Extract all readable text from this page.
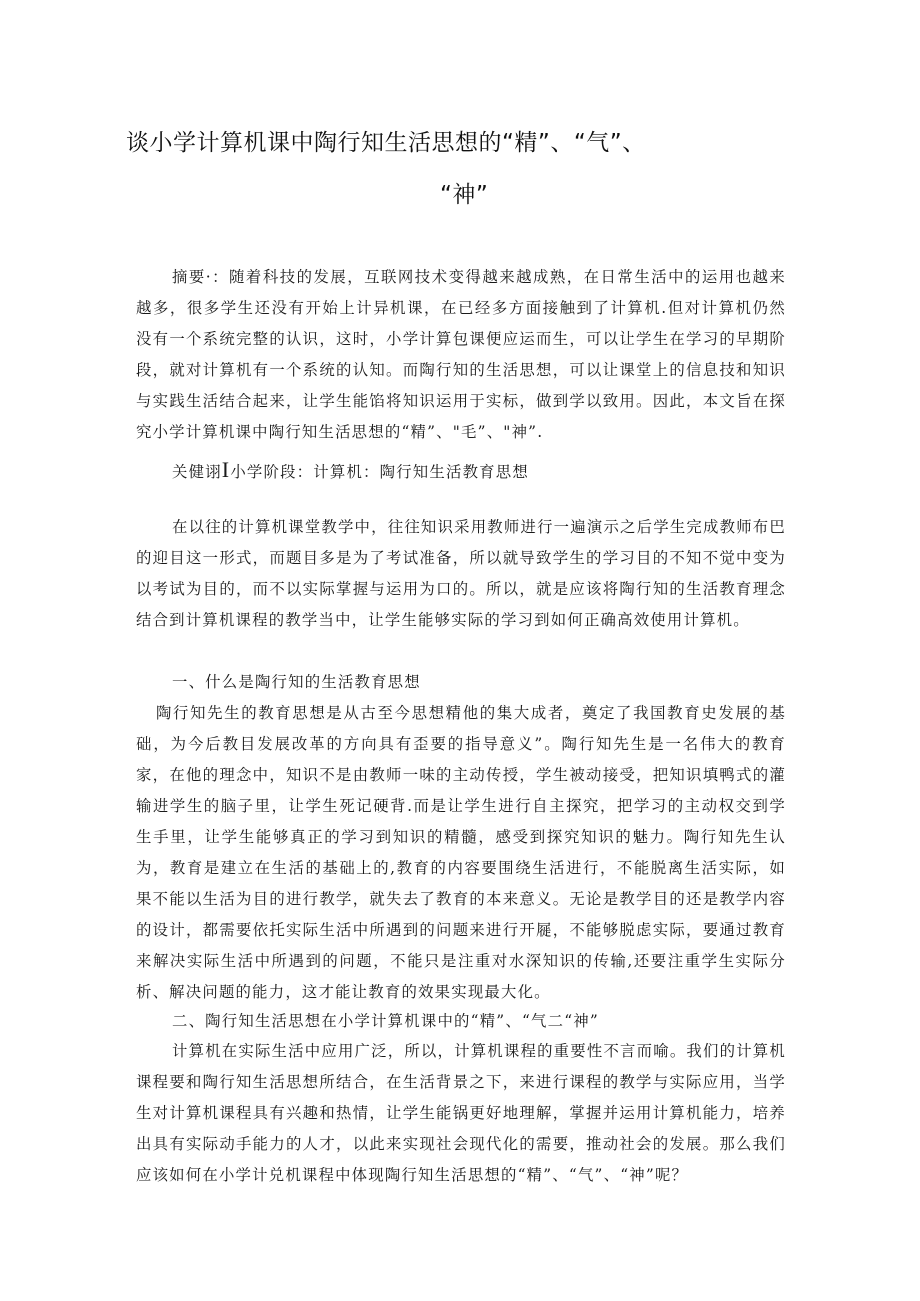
谈小学计算机课中陶行知生活思想的“精”、“气”、
“神”
摘要·：随着科技的发展，互联网技术变得越来越成熟，在日常生活中的运用也越来越多，很多学生还没有开始上计异机课，在已经多方面接触到了计算机.但对计算机仍然没有一个系统完整的认识，这时，小学计算包课便应运而生，可以让学生在学习的早期阶段，就对计算机有一个系统的认知。而陶行知的生活思想，可以让课堂上的信息技和知识与实践生活结合起来，让学生能馅将知识运用于实标，做到学以致用。因此，本文旨在探究小学计算机课中陶行知生活思想的“精”、"毛”、"神”.
关健诩I小学阶段：计算机：陶行知生活教育思想
在以往的计算机课堂教学中，往往知识采用教师进行一遍演示之后学生完成教师布巴的迎目这一形式，而题目多是为了考试准备，所以就导致学生的学习目的不知不觉中变为以考试为目的，而不以实际掌握与运用为口的。所以，就是应该将陶行知的生活教育理念结合到计算机课程的教学当中，让学生能够实际的学习到如何正确高效使用计算机。
一、什么是陶行知的生活教育思想
陶行知先生的教育思想是从古至今思想精他的集大成者，奠定了我国教育史发展的基础，为今后教目发展改革的方向具有歪要的指导意义”。陶行知先生是一名伟大的教育家，在他的理念中，知识不是由教师一味的主动传授，学生被动接受，把知识填鸭式的灌输进学生的脑子里，让学生死记硬背.而是让学生进行自主探究，把学习的主动权交到学生手里，让学生能够真正的学习到知识的精髓，感受到探究知识的魅力。陶行知先生认为，教育是建立在生活的基础上的,教育的内容要围绕生活进行，不能脱离生活实际，如果不能以生活为目的进行教学，就失去了教育的本来意义。无论是教学目的还是教学内容的设计，都需要依托实际生活中所遇到的问题来进行开屣，不能够脱虑实际，要通过教育来解决实际生活中所遇到的问题，不能只是注重对水深知识的传输,还要注重学生实际分析、解决问题的能力，这才能让教育的效果实现最大化。
二、陶行知生活思想在小学计算机课中的“精”、“气二“神”
计算机在实际生活中应用广泛，所以，计算机课程的重要性不言而喻。我们的计算机课程要和陶行知生活思想所结合，在生活背景之下，来进行课程的教学与实际应用，当学生对计算机课程具有兴趣和热情，让学生能锅更好地理解，掌握并运用计算机能力，培养出具有实际动手能力的人才，以此来实现社会现代化的需要，推动社会的发展。那么我们应该如何在小学计兑机课程中体现陶行知生活思想的“精”、“气”、“神”呢？
